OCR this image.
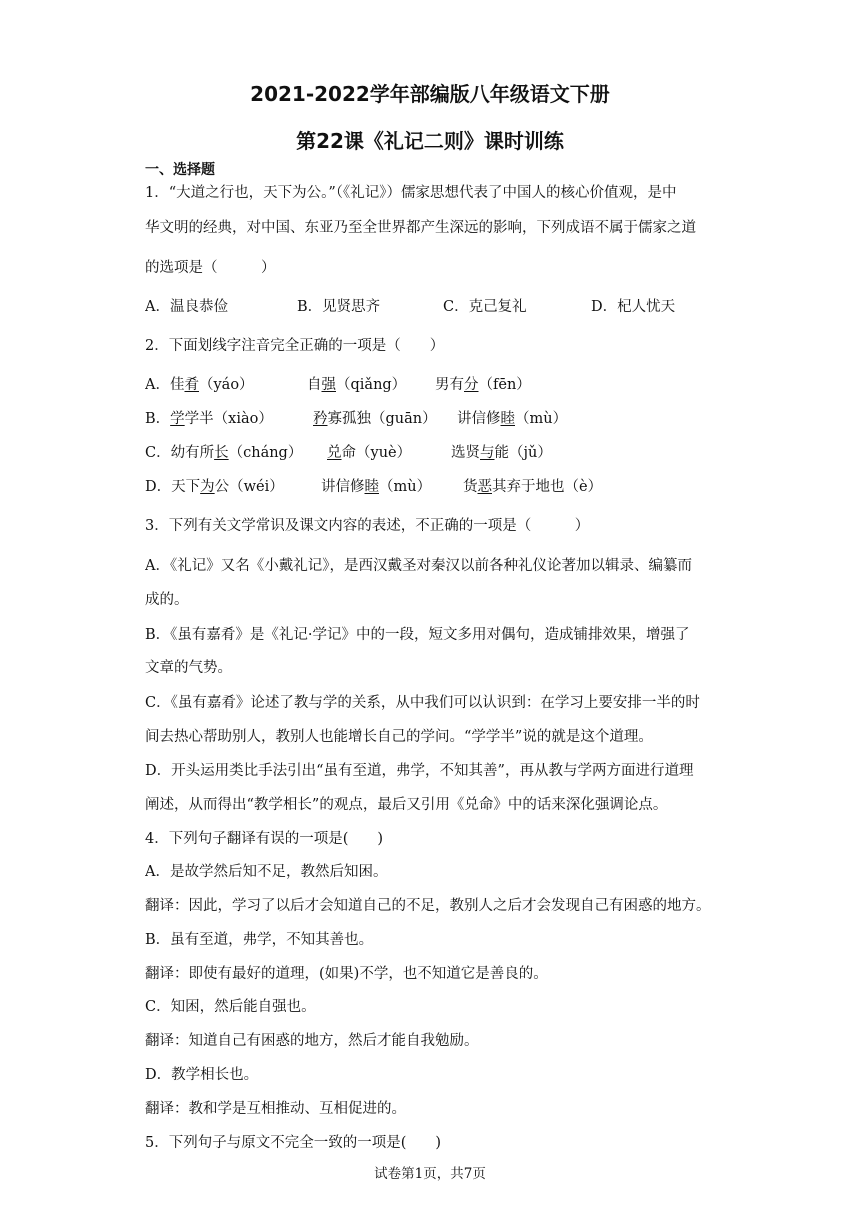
2021-2022学年部编版八年级语文下册
第22课《礼记二则》课时训练
一、选择题
1．“大道之行也，天下为公。”（《礼记》）儒家思想代表了中国人的核心价值观，是中
华文明的经典，对中国、东亚乃至全世界都产生深远的影响，下列成语不属于儒家之道
的选项是（　　　）
A．温良恭俭	B．见贤思齐	C．克己复礼	D．杞人忧天
2．下面划线字注音完全正确的一项是（　　）
A．佳肴（yáo）	自强（qiǎng） 男有分（fēn）
B．学学半（xiào）	矜寡孤独（guān） 讲信修睦（mù）
C．幼有所长（cháng） 兑命（yuè）	选贤与能（jǔ）
D．天下为公（wéi）	讲信修睦（mù） 货恶其弃于地也（è）
3．下列有关文学常识及课文内容的表述，不正确的一项是（　　　）
A．《礼记》又名《小戴礼记》，是西汉戴圣对秦汉以前各种礼仪论著加以辑录、编纂而
成的。
B．《虽有嘉肴》是《礼记·学记》中的一段，短文多用对偶句，造成铺排效果，增强了
文章的气势。
C．《虽有嘉肴》论述了教与学的关系，从中我们可以认识到：在学习上要安排一半的时
间去热心帮助别人，教别人也能增长自己的学问。“学学半”说的就是这个道理。
D．开头运用类比手法引出“虽有至道，弗学，不知其善”，再从教与学两方面进行道理
阐述，从而得出“教学相长”的观点，最后又引用《兑命》中的话来深化强调论点。
4．下列句子翻译有误的一项是(　　)
A．是故学然后知不足，教然后知困。
翻译：因此，学习了以后才会知道自己的不足，教别人之后才会发现自己有困惑的地方。
B．虽有至道，弗学，不知其善也。
翻译：即使有最好的道理，(如果)不学，也不知道它是善良的。
C．知困，然后能自强也。
翻译：知道自己有困惑的地方，然后才能自我勉励。
D．教学相长也。
翻译：教和学是互相推动、互相促进的。
5．下列句子与原文不完全一致的一项是(　　)
试卷第1页，共7页
